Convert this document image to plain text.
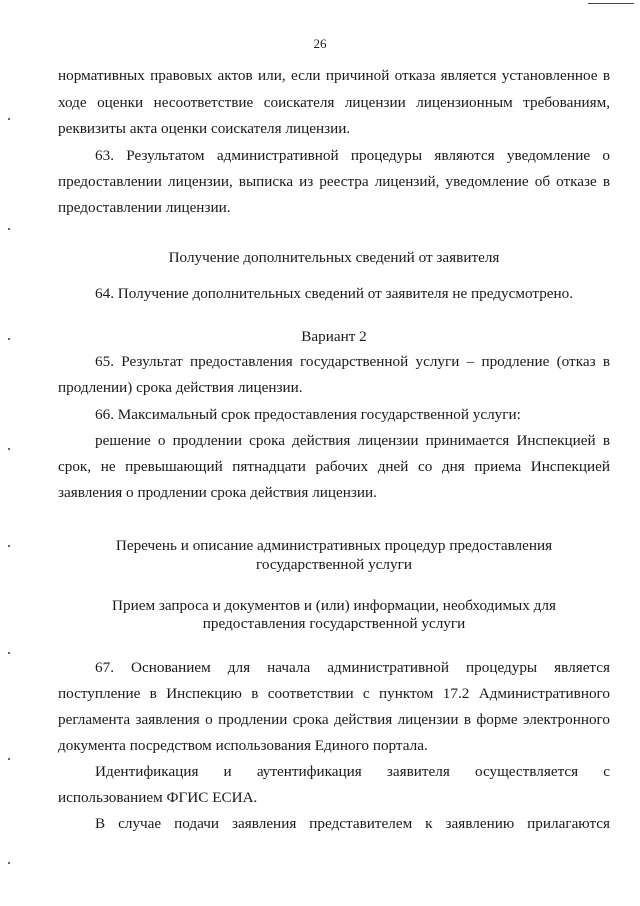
26
нормативных правовых актов или, если причиной отказа является установленное в
ходе оценки несоответствие соискателя лицензии лицензионным требованиям,
реквизиты акта оценки соискателя лицензии.
63. Результатом административной процедуры являются уведомление о
предоставлении лицензии, выписка из реестра лицензий, уведомление об отказе в
предоставлении лицензии.
Получение дополнительных сведений от заявителя
64. Получение дополнительных сведений от заявителя не предусмотрено.
Вариант 2
65. Результат предоставления государственной услуги – продление (отказ в
продлении) срока действия лицензии.
66. Максимальный срок предоставления государственной услуги:
решение о продлении срока действия лицензии принимается Инспекцией в
срок, не превышающий пятнадцати рабочих дней со дня приема Инспекцией
заявления о продлении срока действия лицензии.
Перечень и описание административных процедур предоставления
государственной услуги
Прием запроса и документов и (или) информации, необходимых для
предоставления государственной услуги
67. Основанием для начала административной процедуры является
поступление в Инспекцию в соответствии с пунктом 17.2 Административного
регламента заявления о продлении срока действия лицензии в форме электронного
документа посредством использования Единого портала.
Идентификация и аутентификация заявителя осуществляется с
использованием ФГИС ЕСИА.
В случае подачи заявления представителем к заявлению прилагаются
